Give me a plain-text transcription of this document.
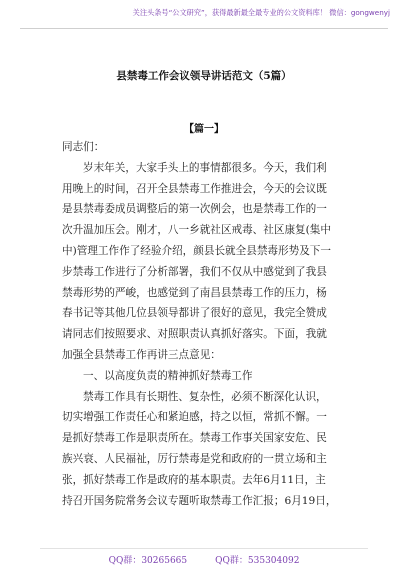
关注头条号“公文研究”，获得最新最全最专业的公文资料库！ 微信：gongwenyj
县禁毒工作会议领导讲话范文（5篇）
【篇一】
同志们：
岁末年关，大家手头上的事情都很多。今天，我们利
用晚上的时间，召开全县禁毒工作推进会，今天的会议既
是县禁毒委成员调整后的第一次例会，也是禁毒工作的一
次升温加压会。刚才，八一乡就社区戒毒、社区康复(集中
中)管理工作作了经验介绍，颜县长就全县禁毒形势及下一
步禁毒工作进行了分析部署，我们不仅从中感觉到了我县
禁毒形势的严峻，也感觉到了南昌县禁毒工作的压力，杨
春书记等其他几位县领导都讲了很好的意见，我完全赞成
请同志们按照要求、对照职责认真抓好落实。下面，我就
加强全县禁毒工作再讲三点意见：
一、以高度负责的精神抓好禁毒工作
禁毒工作具有长期性、复杂性，必须不断深化认识，
切实增强工作责任心和紧迫感，持之以恒，常抓不懈。一
是抓好禁毒工作是职责所在。禁毒工作事关国家安危、民
族兴衰、人民福祉，厉行禁毒是党和政府的一贯立场和主
张，抓好禁毒工作是政府的基本职责。去年6月11日，主
持召开国务院常务会议专题听取禁毒工作汇报；6月19日，
QQ群：30265665	QQ群：535304092
